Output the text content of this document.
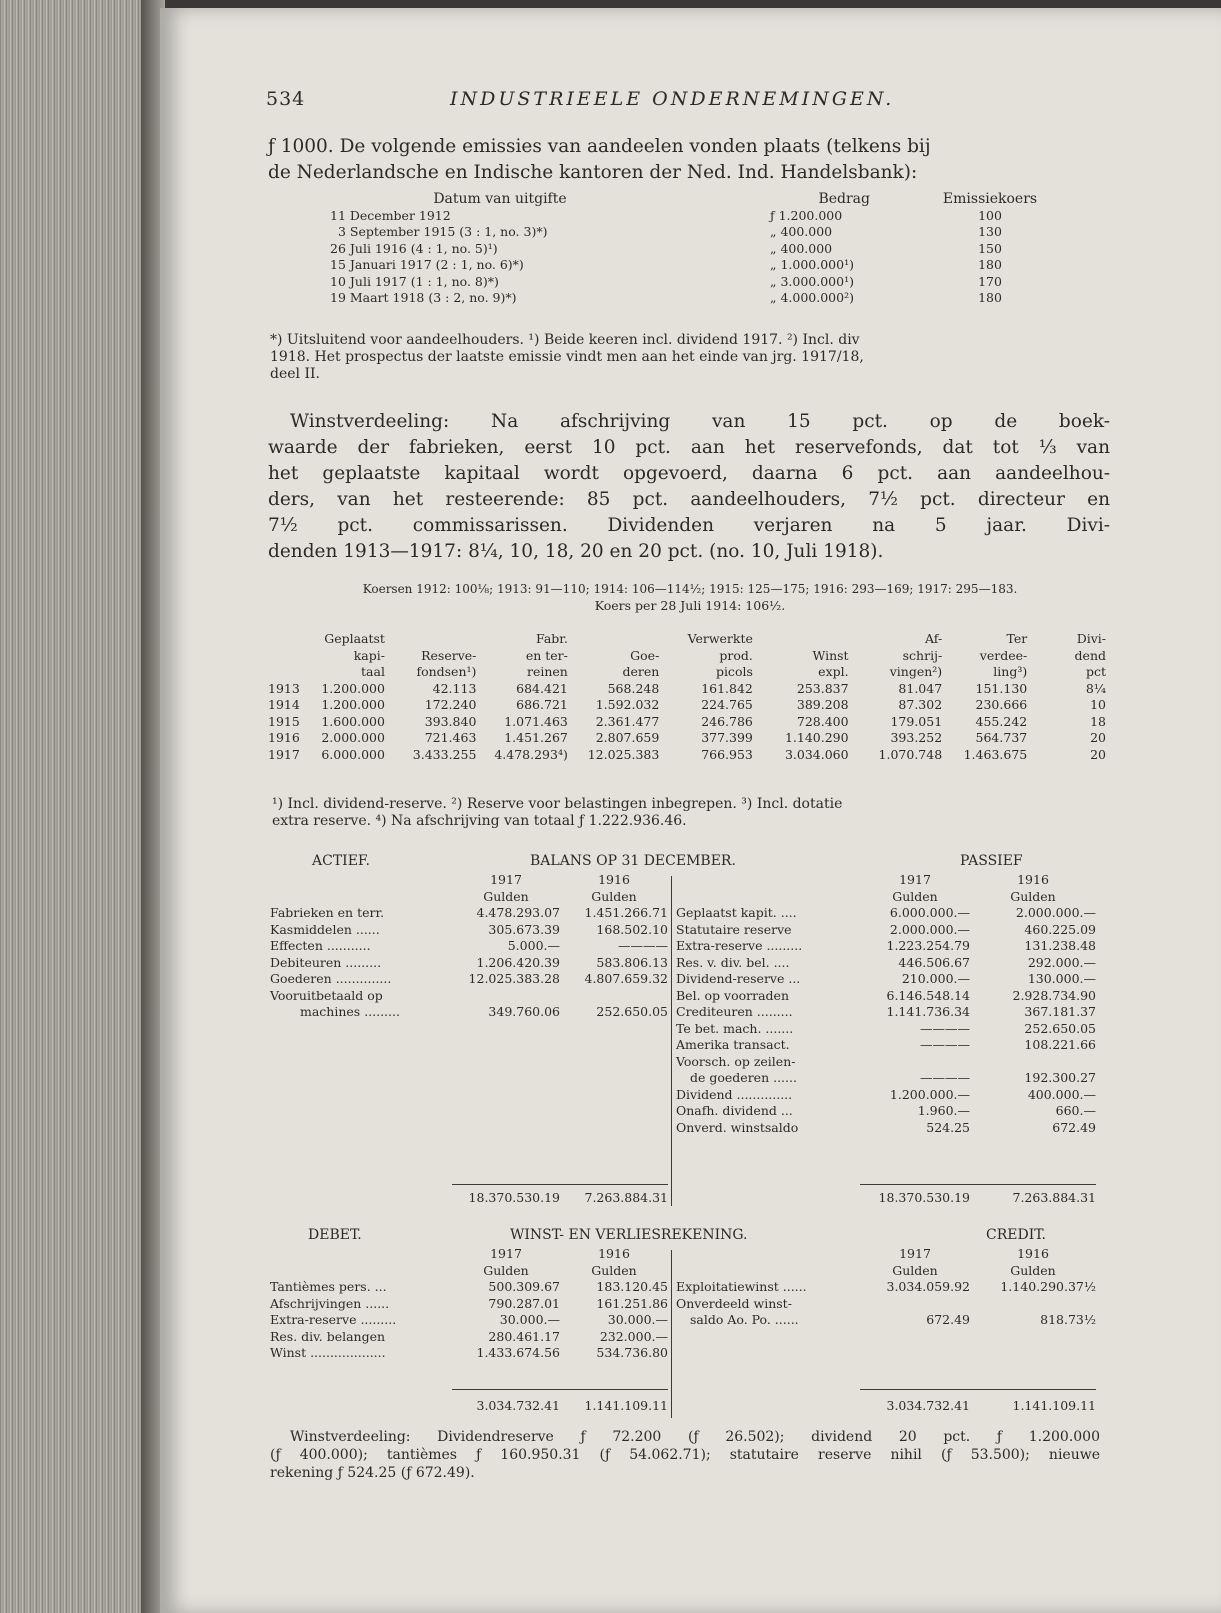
534	INDUSTRIEELE ONDERNEMINGEN.
ƒ 1000. De volgende emissies van aandeelen vonden plaats (telkens bij
de Nederlandsche en Indische kantoren der Ned. Ind. Handelsbank):
Datum van uitgifte	Bedrag	Emissiekoers
11 December 1912	ƒ 1.200.000	100
3 September 1915 (3 : 1, no. 3)*)	„ 400.000	130
26 Juli 1916 (4 : 1, no. 5)¹)	„ 400.000	150
15 Januari 1917 (2 : 1, no. 6)*)	„ 1.000.000¹)	180
10 Juli 1917 (1 : 1, no. 8)*)	„ 3.000.000¹)	170
19 Maart 1918 (3 : 2, no. 9)*)	„ 4.000.000²)	180
*) Uitsluitend voor aandeelhouders. ¹) Beide keeren incl. dividend 1917. ²) Incl. div
1918. Het prospectus der laatste emissie vindt men aan het einde van jrg. 1917/18,
deel II.
Winstverdeeling: Na afschrijving van 15 pct. op de boek-
waarde der fabrieken, eerst 10 pct. aan het reservefonds, dat tot ⅓ van
het geplaatste kapitaal wordt opgevoerd, daarna 6 pct. aan aandeelhou-
ders, van het resteerende: 85 pct. aandeelhouders, 7½ pct. directeur en
7½ pct. commissarissen. Dividenden verjaren na 5 jaar. Divi-
denden 1913—1917: 8¼, 10, 18, 20 en 20 pct. (no. 10, Juli 1918).
Koersen 1912: 100⅛; 1913: 91—110; 1914: 106—114½; 1915: 125—175; 1916: 293—169; 1917: 295—183.
Koers per 28 Juli 1914: 106½.
	Geplaatst		Fabr.		Verwerkte		Af-	Ter	Divi-
	kapi-	Reserve-	en ter-	Goe-	prod.	Winst	schrij-	verdee-	dend
	taal	fondsen¹)	reinen	deren	picols	expl.	vingen²)	ling³)	pct
1913	1.200.000	42.113	684.421	568.248	161.842	253.837	81.047	151.130	8¼
1914	1.200.000	172.240	686.721	1.592.032	224.765	389.208	87.302	230.666	10
1915	1.600.000	393.840	1.071.463	2.361.477	246.786	728.400	179.051	455.242	18
1916	2.000.000	721.463	1.451.267	2.807.659	377.399	1.140.290	393.252	564.737	20
1917	6.000.000	3.433.255	4.478.293⁴)	12.025.383	766.953	3.034.060	1.070.748	1.463.675	20
¹) Incl. dividend-reserve. ²) Reserve voor belastingen inbegrepen. ³) Incl. dotatie
extra reserve. ⁴) Na afschrijving van totaal ƒ 1.222.936.46.
ACTIEF.	BALANS OP 31 DECEMBER.	PASSIEF
	1917	1916
	Gulden	Gulden
Fabrieken en terr.	4.478.293.07	1.451.266.71
Kasmiddelen ......	305.673.39	168.502.10
Effecten ...........	5.000.—	————
Debiteuren .........	1.206.420.39	583.806.13
Goederen ..............	12.025.383.28	4.807.659.32
Vooruitbetaald op		
machines .........	349.760.06	252.650.05
	1917	1916
	Gulden	Gulden
Geplaatst kapit. ....	6.000.000.—	2.000.000.—
Statutaire reserve	2.000.000.—	460.225.09
Extra-reserve .........	1.223.254.79	131.238.48
Res. v. div. bel. ....	446.506.67	292.000.—
Dividend-reserve ...	210.000.—	130.000.—
Bel. op voorraden	6.146.548.14	2.928.734.90
Crediteuren .........	1.141.736.34	367.181.37
Te bet. mach. .......	————	252.650.05
Amerika transact.	————	108.221.66
Voorsch. op zeilen-		
de goederen ......	————	192.300.27
Dividend ..............	1.200.000.—	400.000.—
Onafh. dividend ...	1.960.—	660.—
Onverd. winstsaldo	524.25	672.49
18.370.530.19	7.263.884.31	18.370.530.19	7.263.884.31
DEBET.	WINST- EN VERLIESREKENING.	CREDIT.
	1917	1916
	Gulden	Gulden
Tantièmes pers. ...	500.309.67	183.120.45
Afschrijvingen ......	790.287.01	161.251.86
Extra-reserve .........	30.000.—	30.000.—
Res. div. belangen	280.461.17	232.000.—
Winst ...................	1.433.674.56	534.736.80
	1917	1916
	Gulden	Gulden
Exploitatiewinst ......	3.034.059.92	1.140.290.37½
Onverdeeld winst-		
saldo Ao. Po. ......	672.49	818.73½
3.034.732.41	1.141.109.11	3.034.732.41	1.141.109.11
Winstverdeeling: Dividendreserve ƒ 72.200 (ƒ 26.502); dividend 20 pct. ƒ 1.200.000
(ƒ 400.000); tantièmes ƒ 160.950.31 (ƒ 54.062.71); statutaire reserve nihil (ƒ 53.500); nieuwe
rekening ƒ 524.25 (ƒ 672.49).
